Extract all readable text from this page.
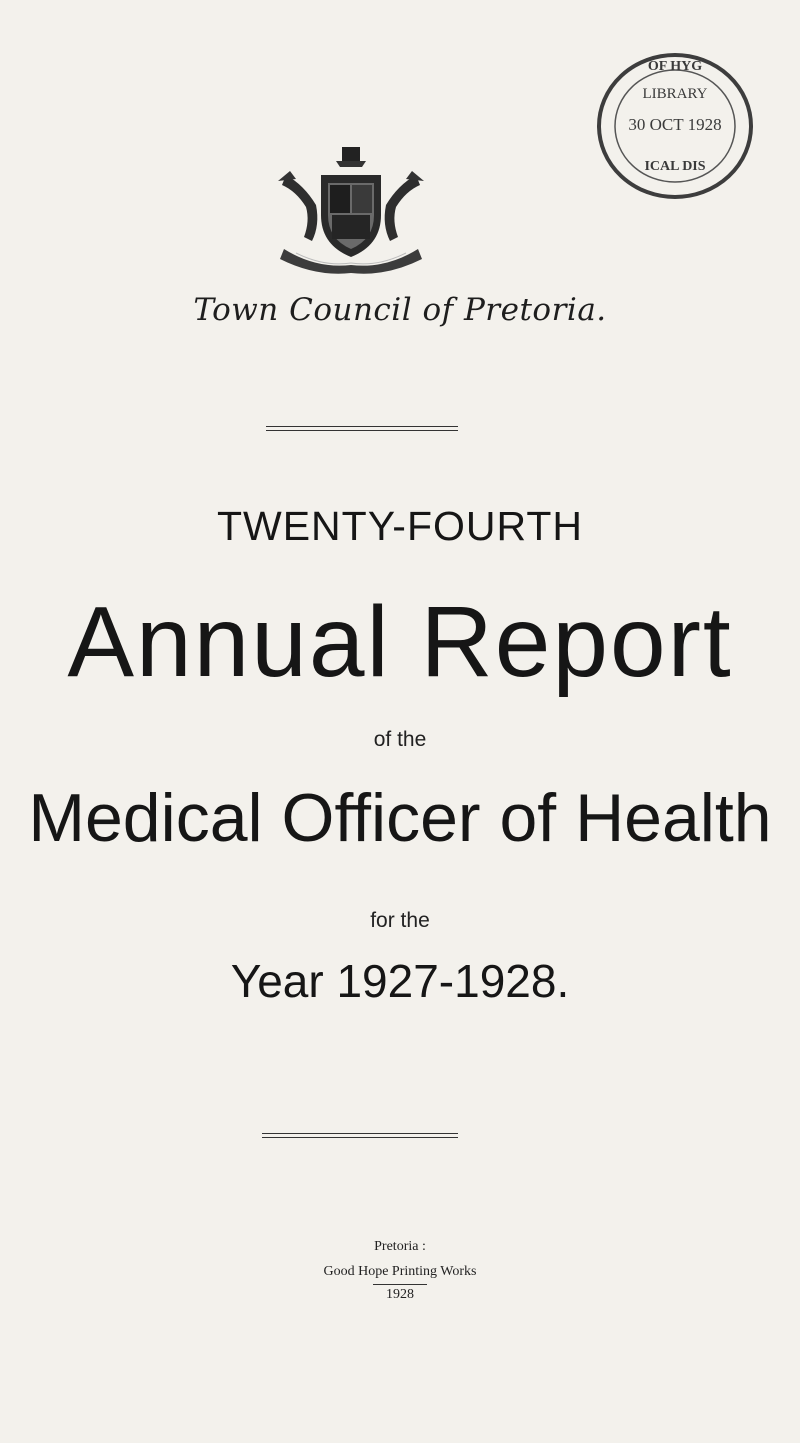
OF HYG
LIBRARY
30 OCT 1928
ICAL DIS
Town Council of Pretoria.
TWENTY-FOURTH
Annual Report
of the
Medical Officer of Health
for the
Year 1927-1928.
Pretoria :
Good Hope Printing Works
1928
